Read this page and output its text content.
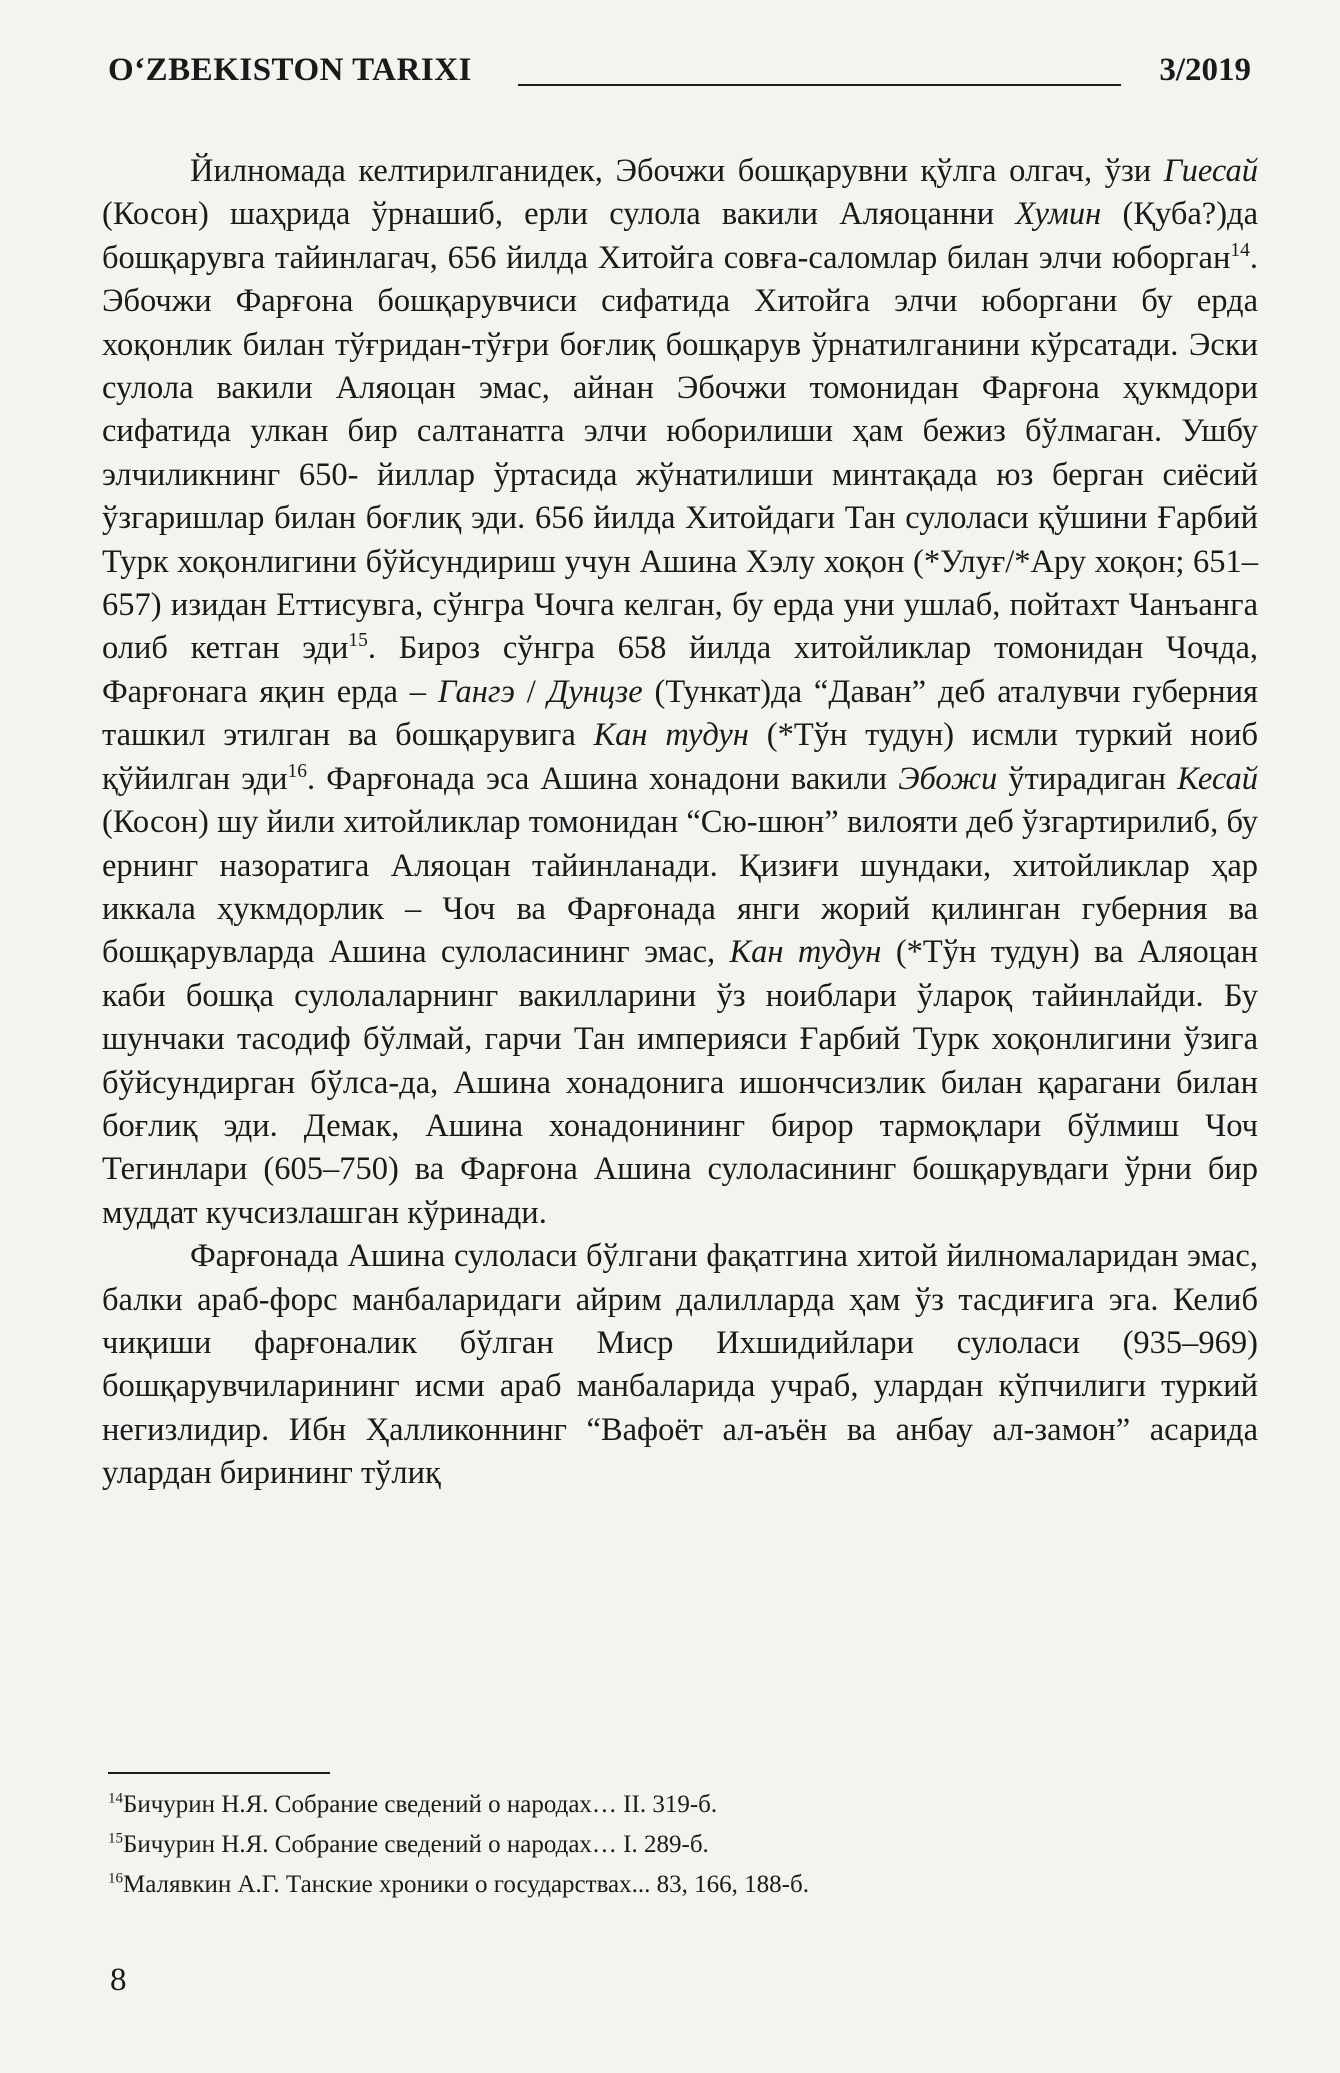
O‘ZBEKISTON TARIXI	3/2019

Йилномада келтирилганидек, Эбочжи бошқарувни қўлга олгач, ўзи Гиесай (Косон) шаҳрида ўрнашиб, ерли сулола вакили Аляоцанни Хумин (Қуба?)да бошқарувга тайинлагач, 656 йилда Хитойга совға-саломлар билан элчи юборган$^{14}$. Эбочжи Фарғона бошқарувчиси сифатида Хитойга элчи юборгани бу ерда хоқонлик билан тўғридан-тўғри боғлиқ бошқарув ўрнатилганини кўрсатади. Эски сулола вакили Аляоцан эмас, айнан Эбочжи томонидан Фарғона ҳукмдори сифатида улкан бир салтанатга элчи юборилиши ҳам бежиз бўлмаган. Ушбу элчиликнинг 650- йиллар ўртасида жўнатилиши минтақада юз берган сиёсий ўзгаришлар билан боғлиқ эди. 656 йилда Хитойдаги Тан сулоласи қўшини Ғарбий Турк хоқонлигини бўйсундириш учун Ашина Хэлу хоқон (*Улуғ/*Ару хоқон; 651–657) изидан Еттисувга, сўнгра Чочга келган, бу ерда уни ушлаб, пойтахт Чанъанга олиб кетган эди$^{15}$. Бироз сўнгра 658 йилда хитойликлар томонидан Чочда, Фарғонага яқин ерда – Гангэ / Дунцзе (Тункат)да “Даван” деб аталувчи губерния ташкил этилган ва бошқарувига Кан тудун (*Тўн тудун) исмли туркий ноиб қўйилган эди$^{16}$. Фарғонада эса Ашина хонадони вакили Эбожи ўтирадиган Кесай (Косон) шу йили хитойликлар томонидан “Сю-шюн” вилояти деб ўзгартирилиб, бу ернинг назоратига Аляоцан тайинланади. Қизиғи шундаки, хитойликлар ҳар иккала ҳукмдорлик – Чоч ва Фарғонада янги жорий қилинган губерния ва бошқарувларда Ашина сулоласининг эмас, Кан тудун (*Тўн тудун) ва Аляоцан каби бошқа сулолаларнинг вакилларини ўз ноиблари ўлароқ тайинлайди. Бу шунчаки тасодиф бўлмай, гарчи Тан империяси Ғарбий Турк хоқонлигини ўзига бўйсундирган бўлса-да, Ашина хонадонига ишончсизлик билан қарагани билан боғлиқ эди. Демак, Ашина хонадонининг бирор тармоқлари бўлмиш Чоч Тегинлари (605–750) ва Фарғона Ашина сулоласининг бошқарувдаги ўрни бир муддат кучсизлашган кўринади.

Фарғонада Ашина сулоласи бўлгани фақатгина хитой йилномаларидан эмас, балки араб-форс манбаларидаги айрим далилларда ҳам ўз тасдиғига эга. Келиб чиқиши фарғоналик бўлган Миср Ихшидийлари сулоласи (935–969) бошқарувчиларининг исми араб манбаларида учраб, улардан кўпчилиги туркий негизлидир. Ибн Ҳалликоннинг “Вафоёт ал-аъён ва анбау ал-замон” асарида улардан бирининг тўлиқ

$^{14}$Бичурин Н.Я. Собрание сведений о народах… II. 319-б.

$^{15}$Бичурин Н.Я. Собрание сведений о народах… I. 289-б.

$^{16}$Малявкин А.Г. Танские хроники о государствах... 83, 166, 188-б.

8
